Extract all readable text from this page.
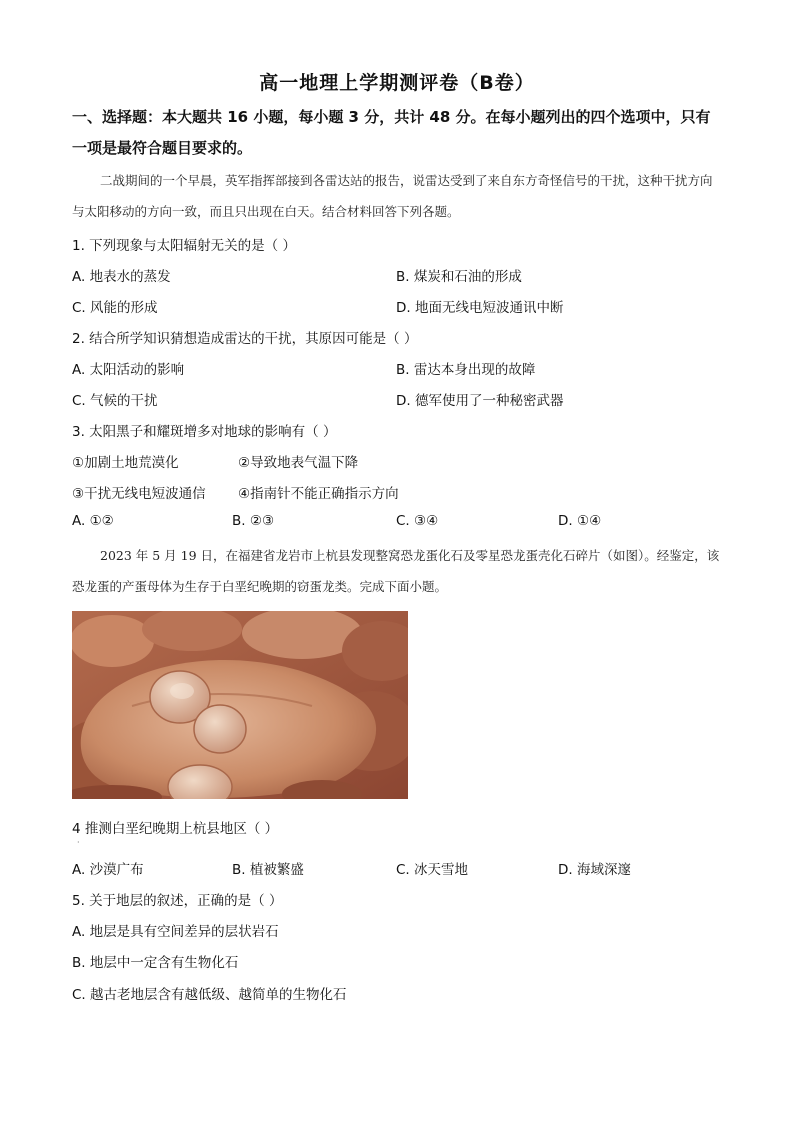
高一地理上学期测评卷（B卷）
一、选择题：本大题共 16 小题，每小题 3 分，共计 48 分。在每小题列出的四个选项中，只有一项是最符合题目要求的。
二战期间的一个早晨，英军指挥部接到各雷达站的报告，说雷达受到了来自东方奇怪信号的干扰，这种干扰方向与太阳移动的方向一致，而且只出现在白天。结合材料回答下列各题。
1. 下列现象与太阳辐射无关的是（ ）
A. 地表水的蒸发	B. 煤炭和石油的形成
C. 风能的形成	D. 地面无线电短波通讯中断
2. 结合所学知识猜想造成雷达的干扰，其原因可能是（ ）
A. 太阳活动的影响	B. 雷达本身出现的故障
C. 气候的干扰	D. 德军使用了一种秘密武器
3. 太阳黑子和耀斑增多对地球的影响有（ ）
①加剧土地荒漠化	②导致地表气温下降
③干扰无线电短波通信 ④指南针不能正确指示方向
A. ①②	B. ②③	C. ③④	D. ①④
2023 年 5 月 19 日，在福建省龙岩市上杭县发现整窝恐龙蛋化石及零星恐龙蛋壳化石碎片（如图）。经鉴定，该恐龙蛋的产蛋母体为生存于白垩纪晚期的窃蛋龙类。完成下面小题。
4 推测白垩纪晚期上杭县地区（ ）
·
A. 沙漠广布	B. 植被繁盛	C. 冰天雪地	D. 海域深邃
5. 关于地层的叙述，正确的是（ ）
A. 地层是具有空间差异的层状岩石
B. 地层中一定含有生物化石
C. 越古老地层含有越低级、越简单的生物化石
